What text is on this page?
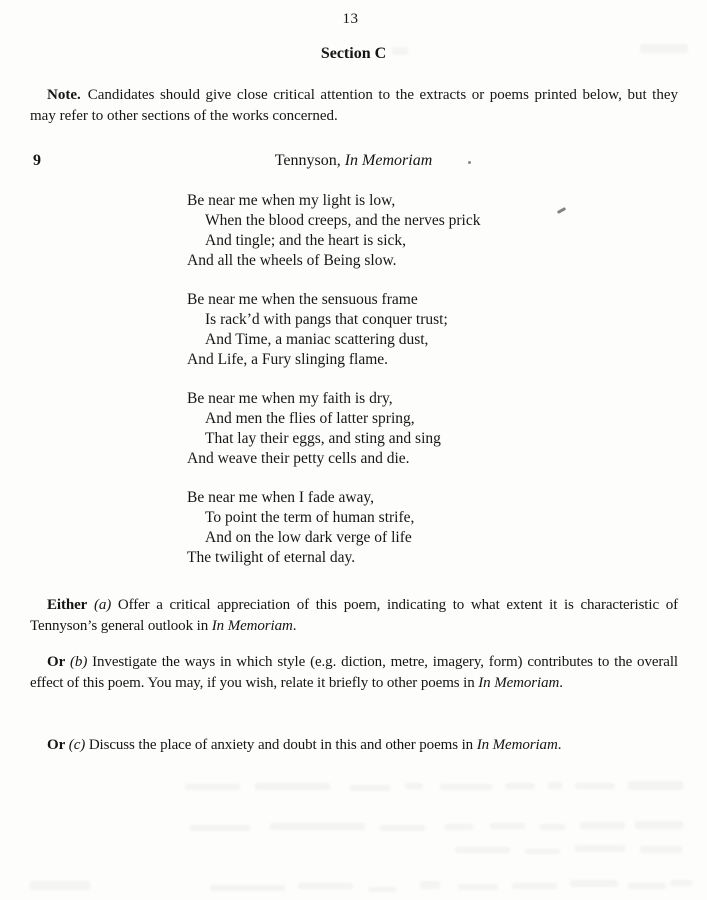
13
Section C

Note. Candidates should give close critical attention to the extracts or poems printed below, but they may refer to other sections of the works concerned.

9	Tennyson, In Memoriam
Be near me when my light is low,
When the blood creeps, and the nerves prick
And tingle; and the heart is sick,
And all the wheels of Being slow.
Be near me when the sensuous frame
Is rack’d with pangs that conquer trust;
And Time, a maniac scattering dust,
And Life, a Fury slinging flame.
Be near me when my faith is dry,
And men the flies of latter spring,
That lay their eggs, and sting and sing
And weave their petty cells and die.
Be near me when I fade away,
To point the term of human strife,
And on the low dark verge of life
The twilight of eternal day.

Either (a) Offer a critical appreciation of this poem, indicating to what extent it is characteristic of Tennyson’s general outlook in In Memoriam.

Or (b) Investigate the ways in which style (e.g. diction, metre, imagery, form) contributes to the overall effect of this poem. You may, if you wish, relate it briefly to other poems in In Memoriam.

Or (c) Discuss the place of anxiety and doubt in this and other poems in In Memoriam.
